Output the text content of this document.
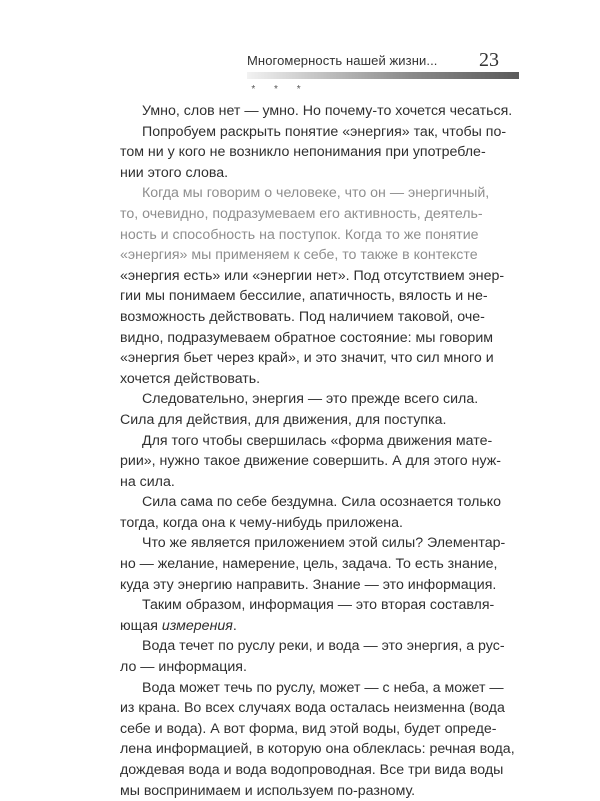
Многомерность нашей жизни... 23
* * *

Умно, слов нет — умно. Но почему-то хочется чесаться.

Попробуем раскрыть понятие «энергия» так, чтобы по-
том ни у кого не возникло непонимания при употребле-
нии этого слова.

Когда мы говорим о человеке, что он — энергичный,
то, очевидно, подразумеваем его активность, деятель-
ность и способность на поступок. Когда то же понятие
«энергия» мы применяем к себе, то также в контексте
«энергия есть» или «энергии нет». Под отсутствием энер-
гии мы понимаем бессилие, апатичность, вялость и не-
возможность действовать. Под наличием таковой, оче-
видно, подразумеваем обратное состояние: мы говорим
«энергия бьет через край», и это значит, что сил много и
хочется действовать.

Следовательно, энергия — это прежде всего сила.
Сила для действия, для движения, для поступка.

Для того чтобы свершилась «форма движения мате-
рии», нужно такое движение совершить. А для этого нуж-
на сила.

Сила сама по себе бездумна. Сила осознается только
тогда, когда она к чему-нибудь приложена.

Что же является приложением этой силы? Элементар-
но — желание, намерение, цель, задача. То есть знание,
куда эту энергию направить. Знание — это информация.

Таким образом, информация — это вторая составля-
ющая измерения.

Вода течет по руслу реки, и вода — это энергия, а рус-
ло — информация.

Вода может течь по руслу, может — с неба, а может —
из крана. Во всех случаях вода осталась неизменна (вода
себе и вода). А вот форма, вид этой воды, будет опреде-
лена информацией, в которую она облеклась: речная вода,
дождевая вода и вода водопроводная. Все три вида воды
мы воспринимаем и используем по-разному.
